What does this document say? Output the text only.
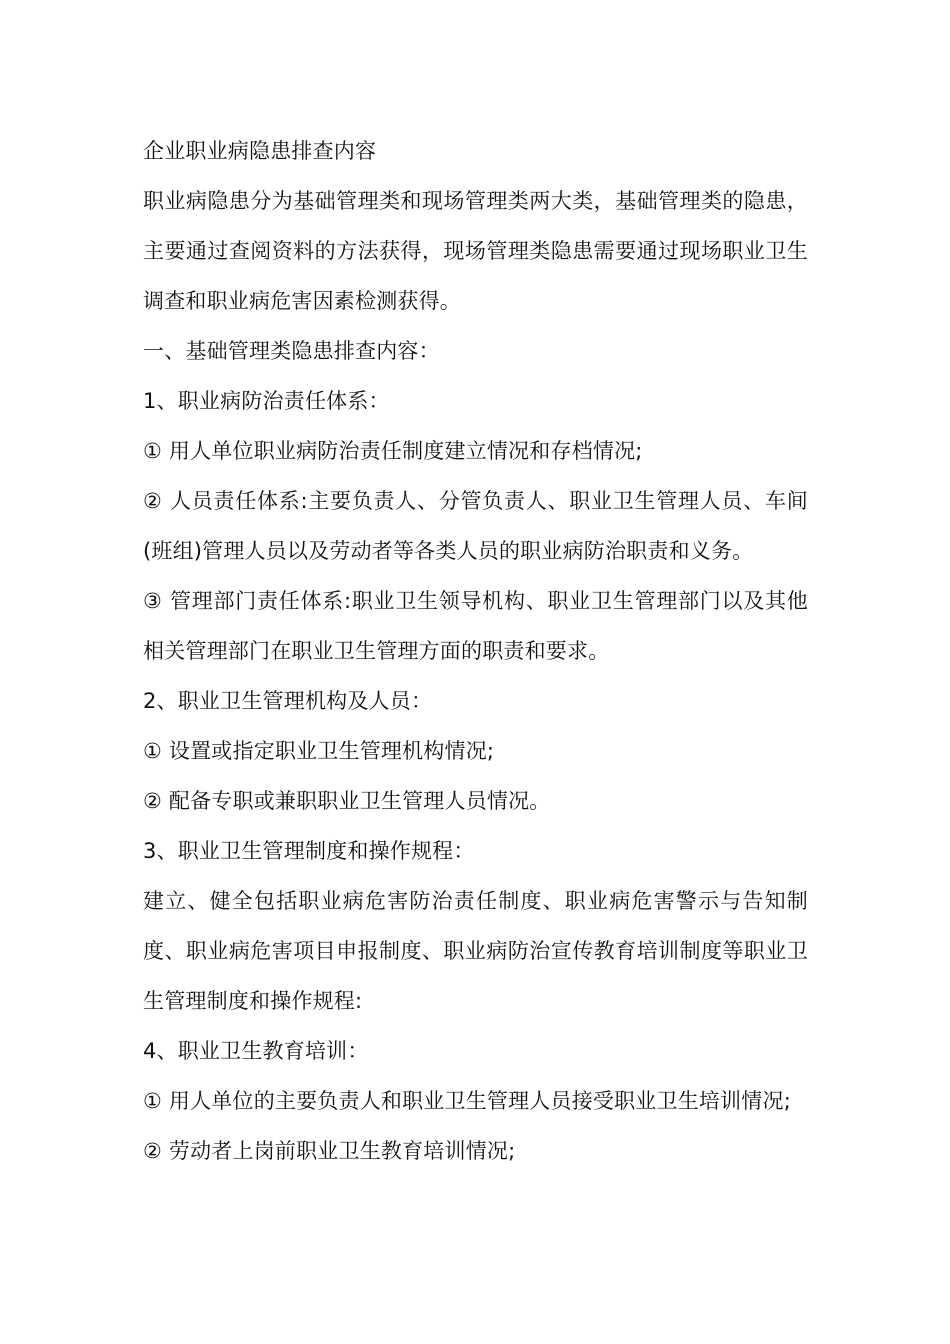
企业职业病隐患排查内容

职业病隐患分为基础管理类和现场管理类两大类，基础管理类的隐患，主要通过查阅资料的方法获得，现场管理类隐患需要通过现场职业卫生调查和职业病危害因素检测获得。

一、基础管理类隐患排查内容：

1、职业病防治责任体系：

① 用人单位职业病防治责任制度建立情况和存档情况;

② 人员责任体系:主要负责人、分管负责人、职业卫生管理人员、车间(班组)管理人员以及劳动者等各类人员的职业病防治职责和义务。

③ 管理部门责任体系:职业卫生领导机构、职业卫生管理部门以及其他相关管理部门在职业卫生管理方面的职责和要求。

2、职业卫生管理机构及人员：

① 设置或指定职业卫生管理机构情况;

② 配备专职或兼职职业卫生管理人员情况。

3、职业卫生管理制度和操作规程：

建立、健全包括职业病危害防治责任制度、职业病危害警示与告知制度、职业病危害项目申报制度、职业病防治宣传教育培训制度等职业卫生管理制度和操作规程:

4、职业卫生教育培训：

① 用人单位的主要负责人和职业卫生管理人员接受职业卫生培训情况;

② 劳动者上岗前职业卫生教育培训情况;
